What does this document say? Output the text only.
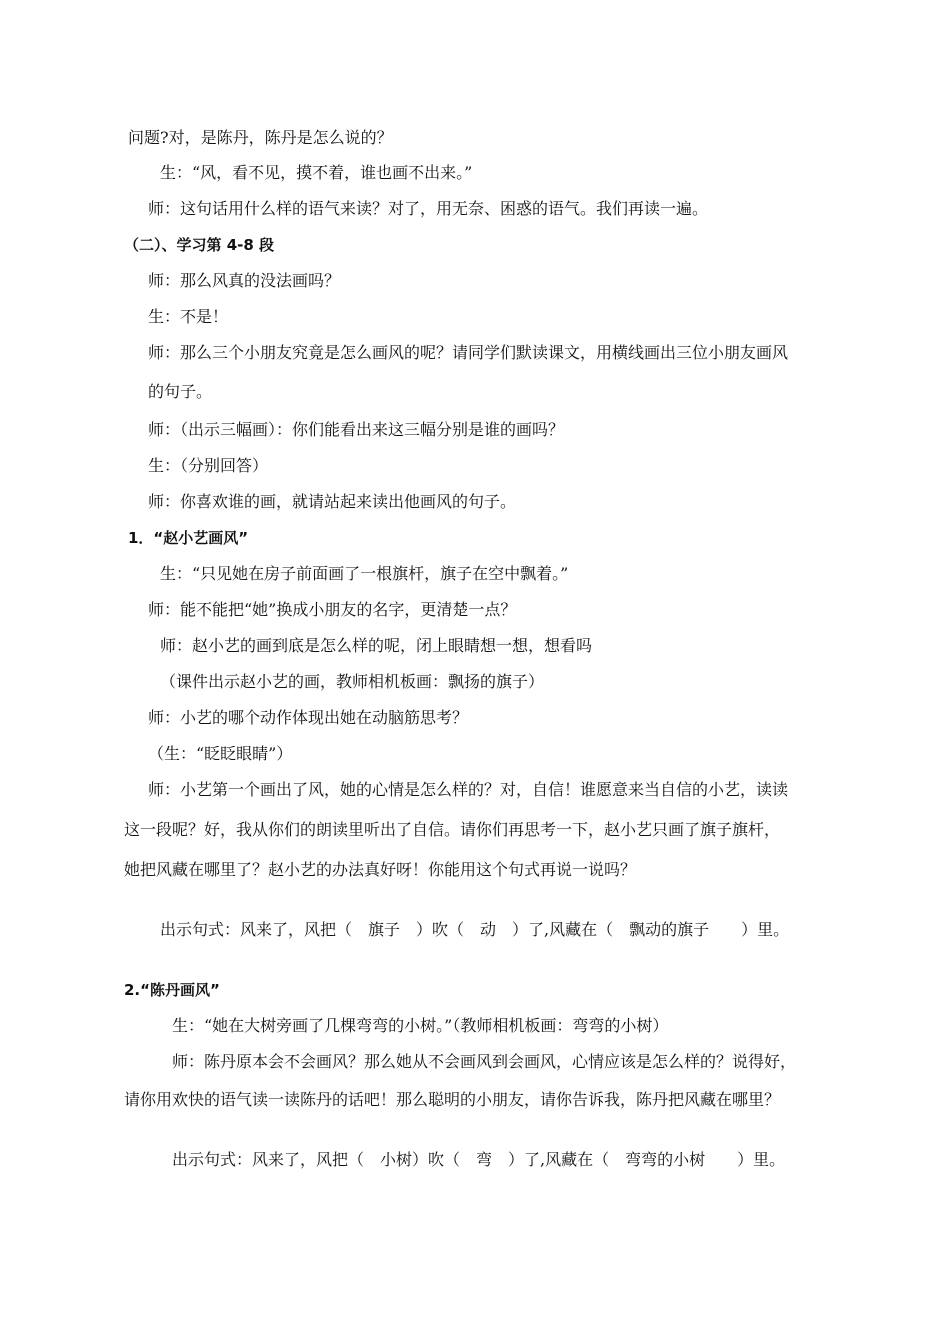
问题?对，是陈丹，陈丹是怎么说的？
生：“风，看不见，摸不着，谁也画不出来。”
师：这句话用什么样的语气来读？对了，用无奈、困惑的语气。我们再读一遍。
（二）、学习第 4-8 段
师：那么风真的没法画吗？
生：不是！
师：那么三个小朋友究竟是怎么画风的呢？请同学们默读课文，用横线画出三位小朋友画风
的句子。
师：（出示三幅画）：你们能看出来这三幅分别是谁的画吗？
生：（分别回答）
师：你喜欢谁的画，就请站起来读出他画风的句子。
1．“赵小艺画风”
生：“只见她在房子前面画了一根旗杆，旗子在空中飘着。”
师：能不能把“她”换成小朋友的名字，更清楚一点？
师：赵小艺的画到底是怎么样的呢，闭上眼睛想一想，想看吗
（课件出示赵小艺的画，教师相机板画：飘扬的旗子）
师：小艺的哪个动作体现出她在动脑筋思考？
（生：“眨眨眼睛”）
师：小艺第一个画出了风，她的心情是怎么样的？对，自信！谁愿意来当自信的小艺，读读
这一段呢？好，我从你们的朗读里听出了自信。请你们再思考一下，赵小艺只画了旗子旗杆，
她把风藏在哪里了？赵小艺的办法真好呀！你能用这个句式再说一说吗？
出示句式：风来了，风把（　旗子　）吹（　动　）了,风藏在（　飘动的旗子　　）里。
2.“陈丹画风”
生：“她在大树旁画了几棵弯弯的小树。”（教师相机板画：弯弯的小树）
师：陈丹原本会不会画风？那么她从不会画风到会画风，心情应该是怎么样的？说得好，
请你用欢快的语气读一读陈丹的话吧！那么聪明的小朋友，请你告诉我，陈丹把风藏在哪里？
出示句式：风来了，风把（　小树）吹（　弯　）了,风藏在（　弯弯的小树　　）里。
